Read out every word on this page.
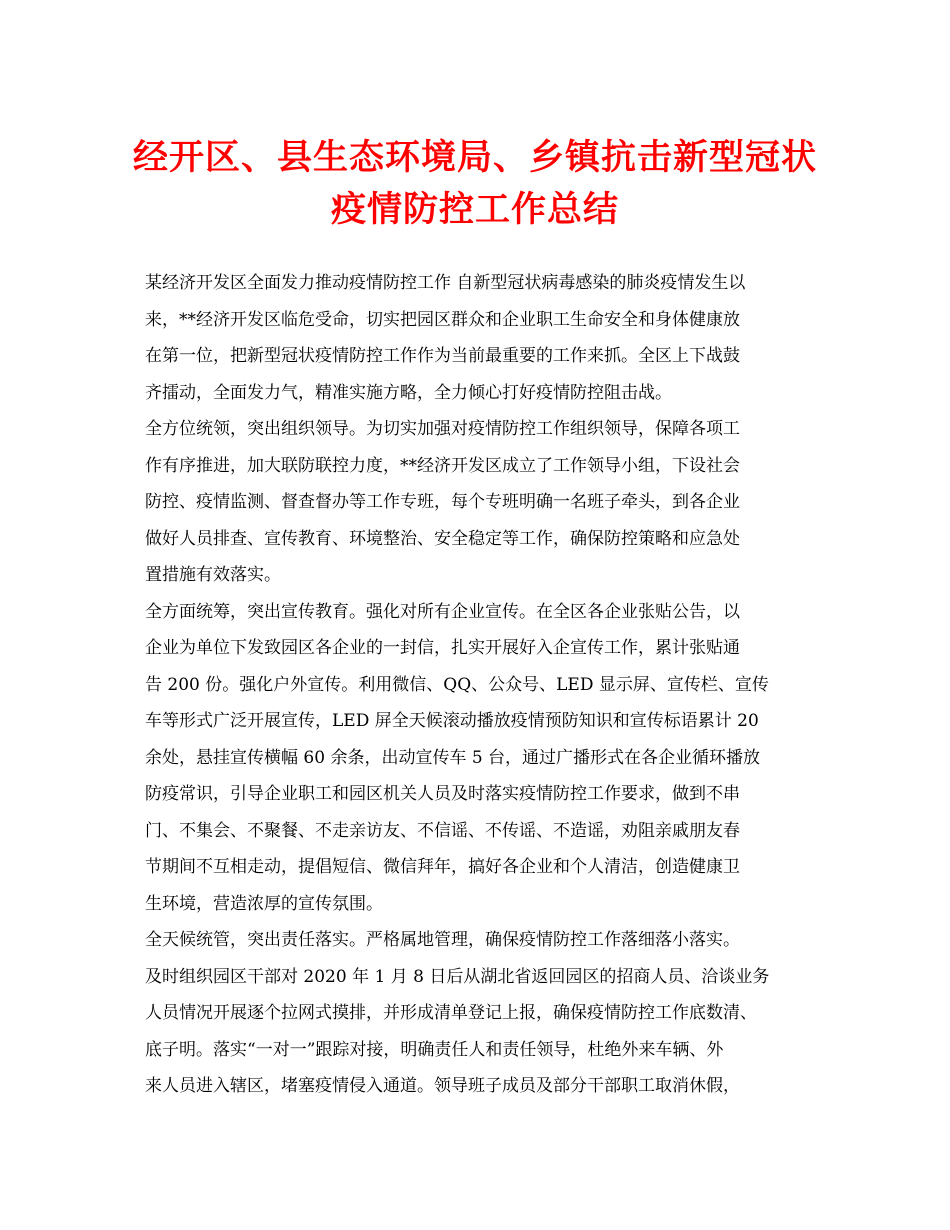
经开区、县生态环境局、乡镇抗击新型冠状
疫情防控工作总结
某经济开发区全面发力推动疫情防控工作 自新型冠状病毒感染的肺炎疫情发生以
来，**经济开发区临危受命，切实把园区群众和企业职工生命安全和身体健康放
在第一位，把新型冠状疫情防控工作作为当前最重要的工作来抓。全区上下战鼓
齐擂动，全面发力气，精准实施方略，全力倾心打好疫情防控阻击战。
全方位统领，突出组织领导。为切实加强对疫情防控工作组织领导，保障各项工
作有序推进，加大联防联控力度，**经济开发区成立了工作领导小组，下设社会
防控、疫情监测、督查督办等工作专班，每个专班明确一名班子牵头，到各企业
做好人员排查、宣传教育、环境整治、安全稳定等工作，确保防控策略和应急处
置措施有效落实。
全方面统筹，突出宣传教育。强化对所有企业宣传。在全区各企业张贴公告，以
企业为单位下发致园区各企业的一封信，扎实开展好入企宣传工作，累计张贴通
告 200 份。强化户外宣传。利用微信、QQ、公众号、LED 显示屏、宣传栏、宣传
车等形式广泛开展宣传，LED 屏全天候滚动播放疫情预防知识和宣传标语累计 20
余处，悬挂宣传横幅 60 余条，出动宣传车 5 台，通过广播形式在各企业循环播放
防疫常识，引导企业职工和园区机关人员及时落实疫情防控工作要求，做到不串
门、不集会、不聚餐、不走亲访友、不信谣、不传谣、不造谣，劝阻亲戚朋友春
节期间不互相走动，提倡短信、微信拜年，搞好各企业和个人清洁，创造健康卫
生环境，营造浓厚的宣传氛围。
全天候统管，突出责任落实。严格属地管理，确保疫情防控工作落细落小落实。
及时组织园区干部对 2020 年 1 月 8 日后从湖北省返回园区的招商人员、洽谈业务
人员情况开展逐个拉网式摸排，并形成清单登记上报，确保疫情防控工作底数清、
底子明。落实“一对一”跟踪对接，明确责任人和责任领导，杜绝外来车辆、外
来人员进入辖区，堵塞疫情侵入通道。领导班子成员及部分干部职工取消休假，
